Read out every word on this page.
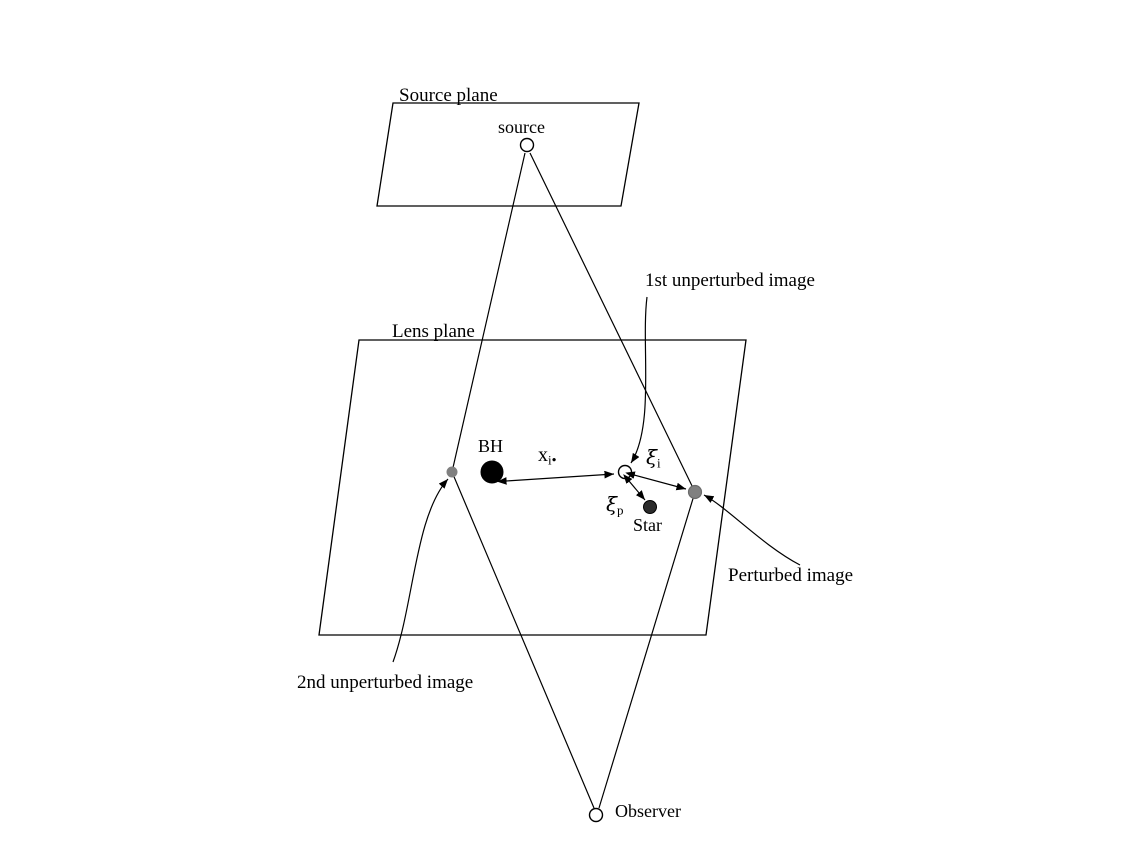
Source plane
source
Lens plane
BH
Star
Observer
1st unperturbed image
2nd unperturbed image
Perturbed image
$x_i•$	$\xi_i$
$\xi_p$
